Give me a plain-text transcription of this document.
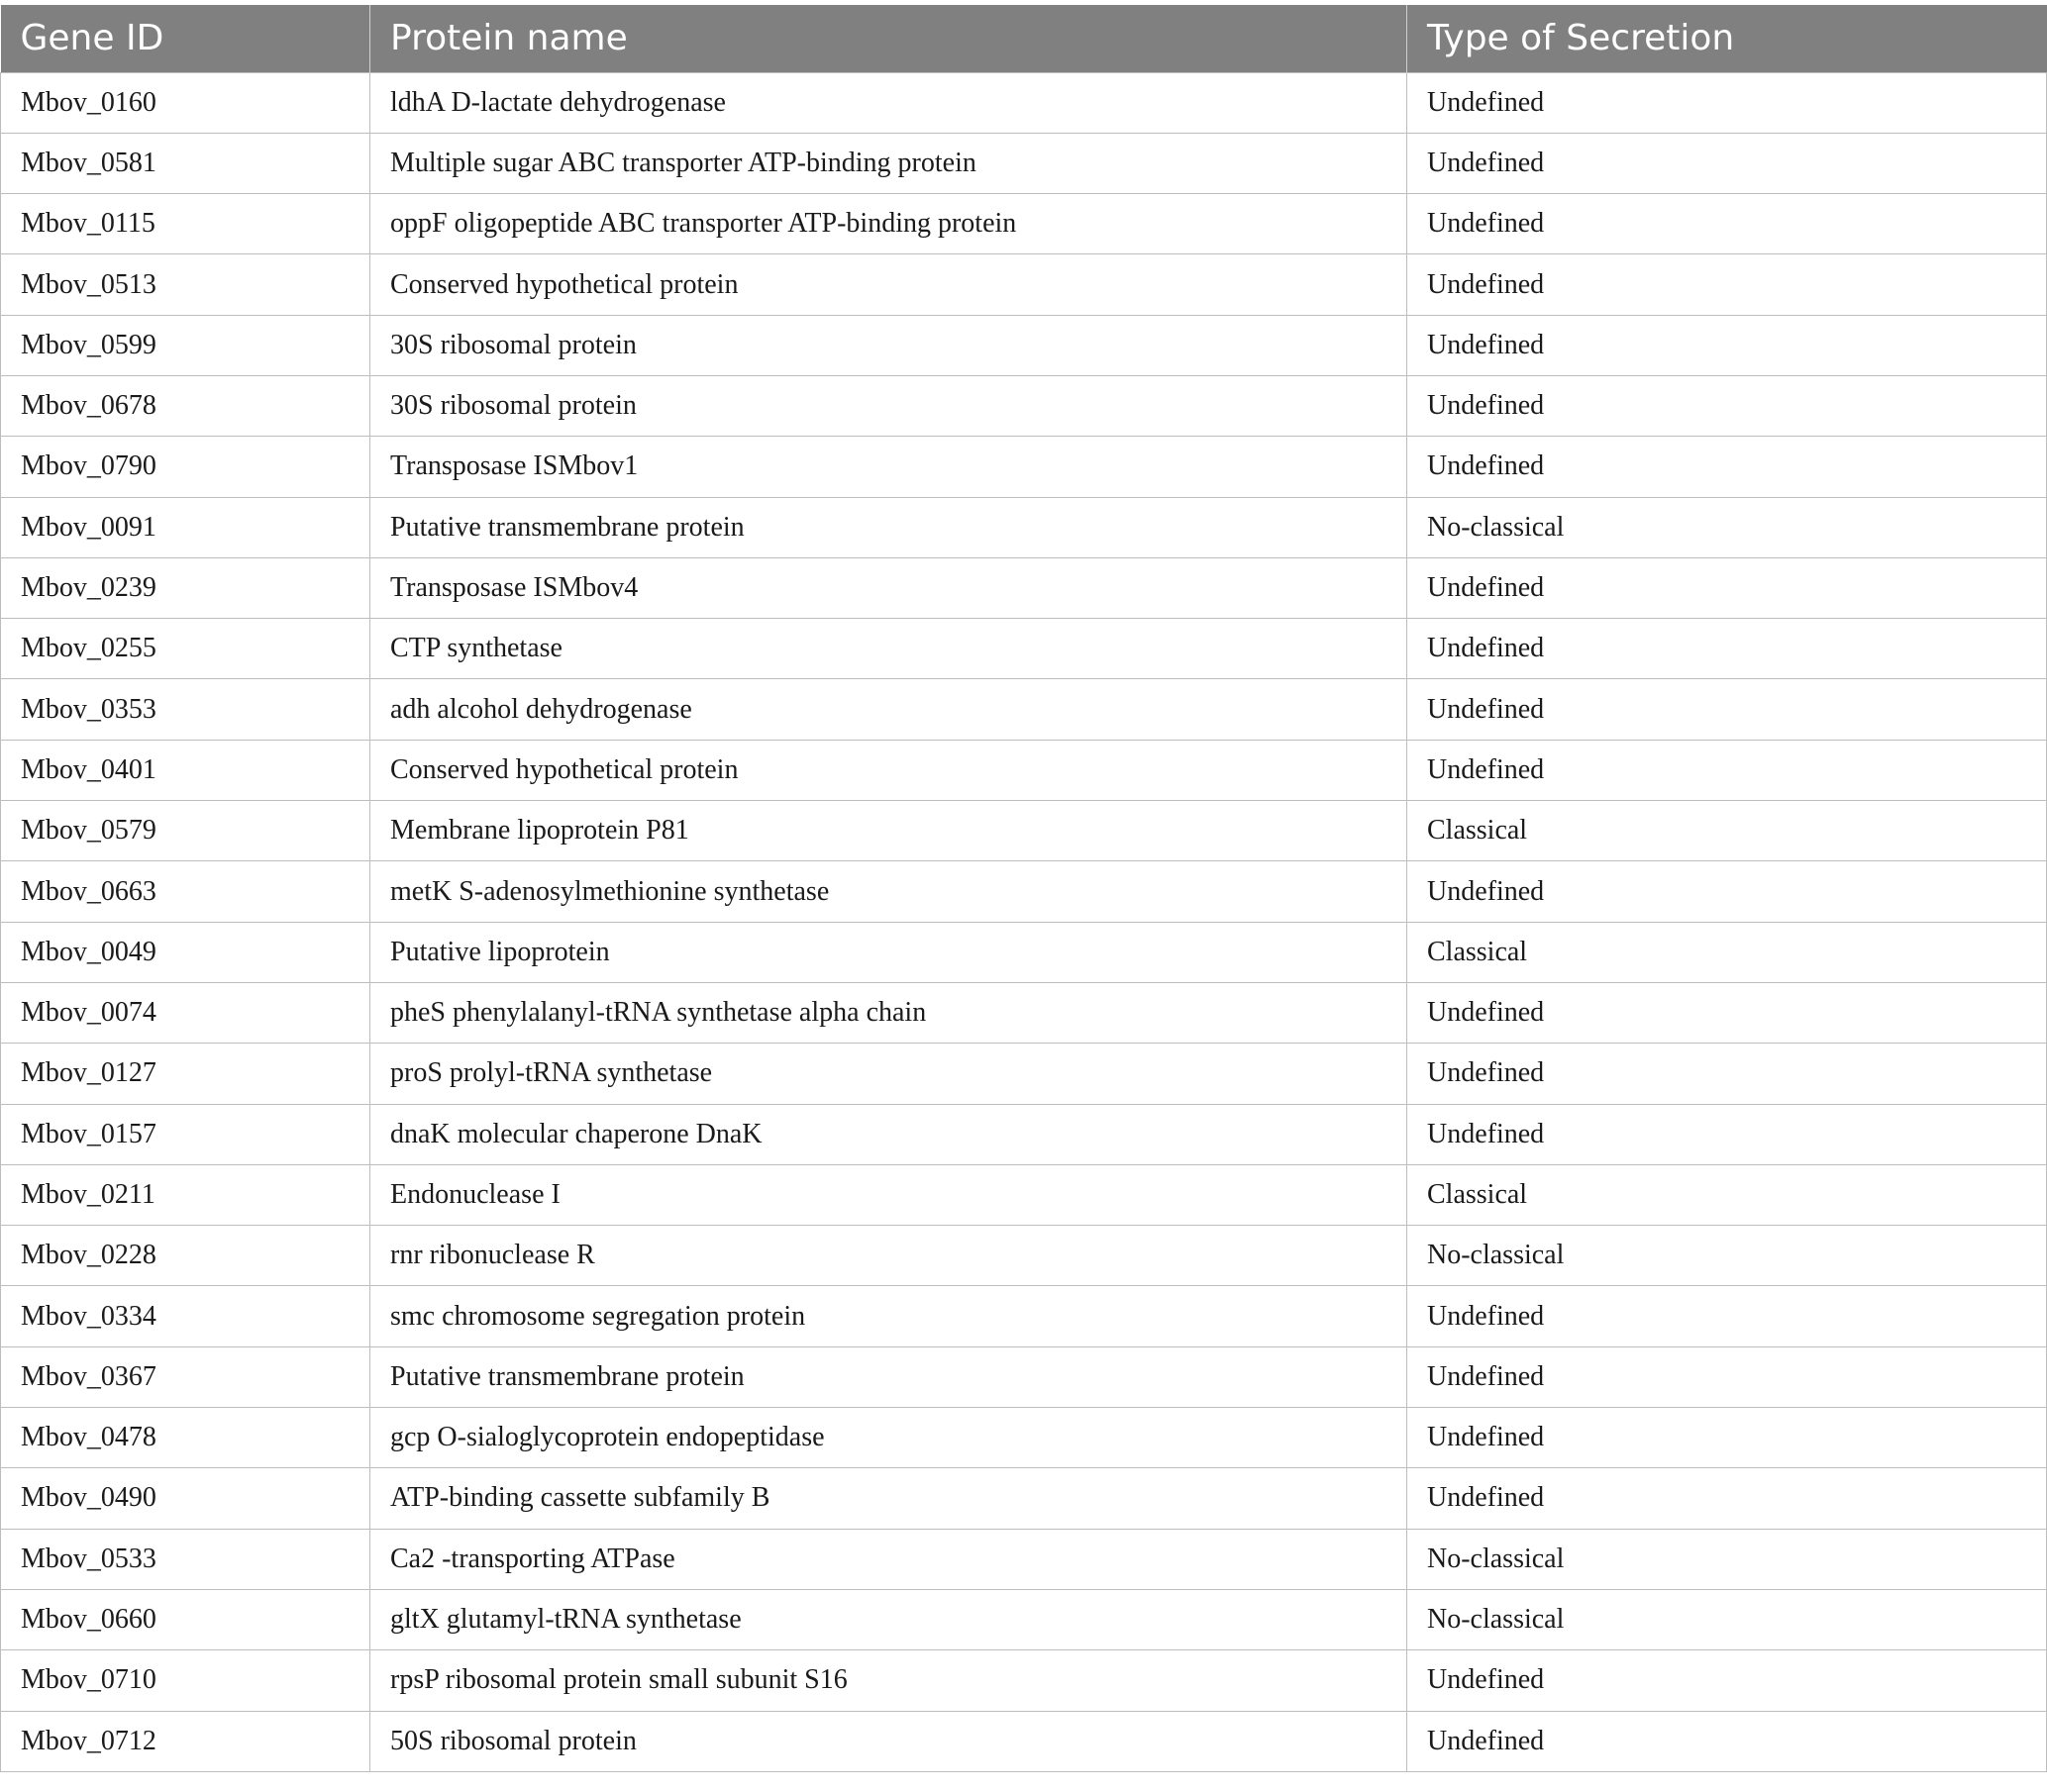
Gene ID	Protein name	Type of Secretion
Mbov_0160	ldhA D-lactate dehydrogenase	Undefined
Mbov_0581	Multiple sugar ABC transporter ATP-binding protein	Undefined
Mbov_0115	oppF oligopeptide ABC transporter ATP-binding protein	Undefined
Mbov_0513	Conserved hypothetical protein	Undefined
Mbov_0599	30S ribosomal protein	Undefined
Mbov_0678	30S ribosomal protein	Undefined
Mbov_0790	Transposase ISMbov1	Undefined
Mbov_0091	Putative transmembrane protein	No-classical
Mbov_0239	Transposase ISMbov4	Undefined
Mbov_0255	CTP synthetase	Undefined
Mbov_0353	adh alcohol dehydrogenase	Undefined
Mbov_0401	Conserved hypothetical protein	Undefined
Mbov_0579	Membrane lipoprotein P81	Classical
Mbov_0663	metK S-adenosylmethionine synthetase	Undefined
Mbov_0049	Putative lipoprotein	Classical
Mbov_0074	pheS phenylalanyl-tRNA synthetase alpha chain	Undefined
Mbov_0127	proS prolyl-tRNA synthetase	Undefined
Mbov_0157	dnaK molecular chaperone DnaK	Undefined
Mbov_0211	Endonuclease I	Classical
Mbov_0228	rnr ribonuclease R	No-classical
Mbov_0334	smc chromosome segregation protein	Undefined
Mbov_0367	Putative transmembrane protein	Undefined
Mbov_0478	gcp O-sialoglycoprotein endopeptidase	Undefined
Mbov_0490	ATP-binding cassette subfamily B	Undefined
Mbov_0533	Ca2 -transporting ATPase	No-classical
Mbov_0660	gltX glutamyl-tRNA synthetase	No-classical
Mbov_0710	rpsP ribosomal protein small subunit S16	Undefined
Mbov_0712	50S ribosomal protein	Undefined
